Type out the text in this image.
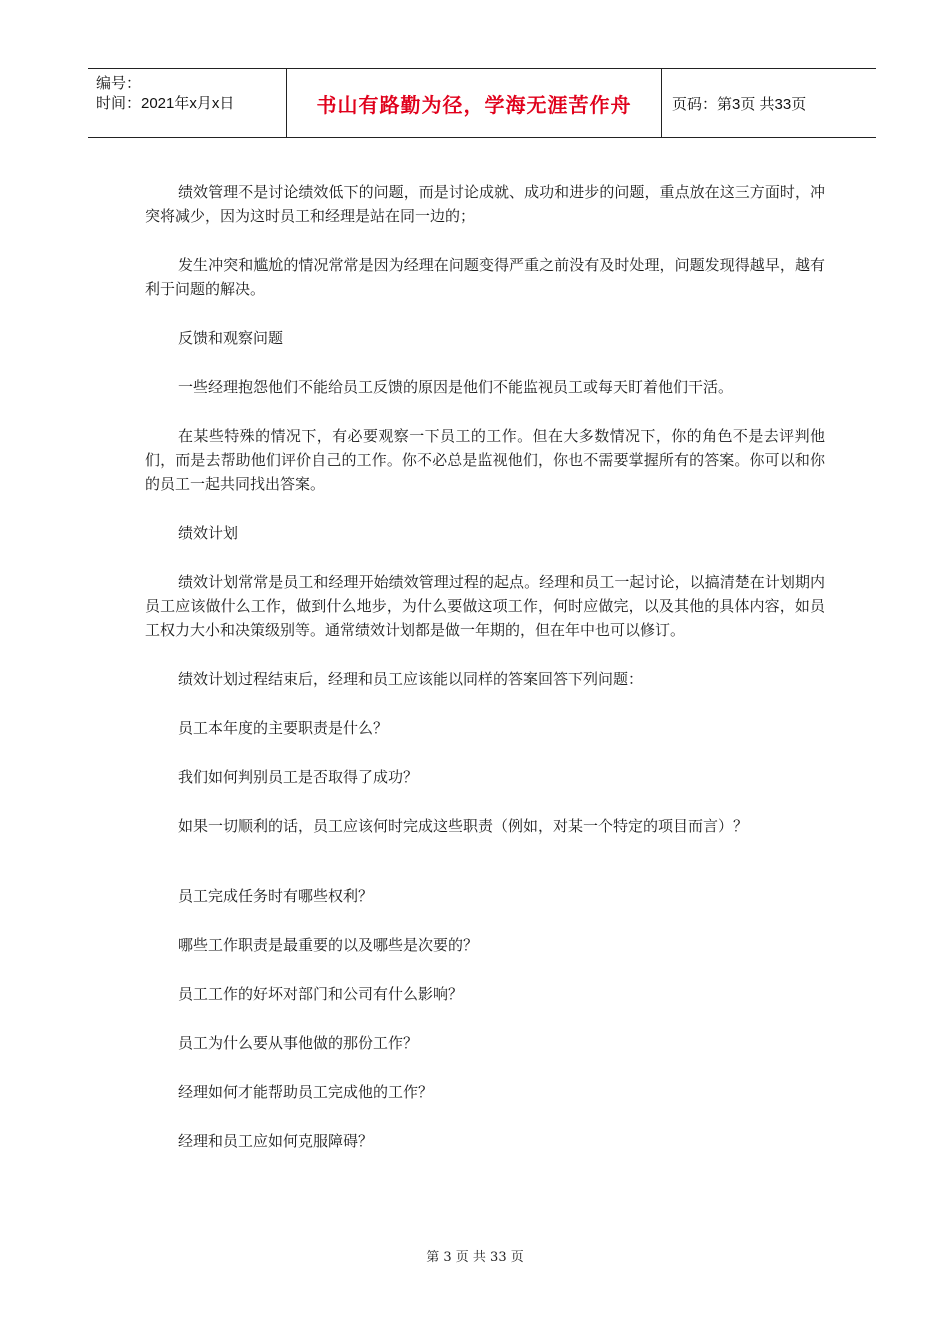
编号：
时间：2021年x月x日	书山有路勤为径，学海无涯苦作舟	页码：第3页 共33页

绩效管理不是讨论绩效低下的问题，而是讨论成就、成功和进步的问题，重点放在这三方面时，冲突将减少，因为这时员工和经理是站在同一边的；

发生冲突和尴尬的情况常常是因为经理在问题变得严重之前没有及时处理，问题发现得越早，越有利于问题的解决。

反馈和观察问题

一些经理抱怨他们不能给员工反馈的原因是他们不能监视员工或每天盯着他们干活。

在某些特殊的情况下，有必要观察一下员工的工作。但在大多数情况下，你的角色不是去评判他们，而是去帮助他们评价自己的工作。你不必总是监视他们，你也不需要掌握所有的答案。你可以和你的员工一起共同找出答案。

绩效计划

绩效计划常常是员工和经理开始绩效管理过程的起点。经理和员工一起讨论，以搞清楚在计划期内员工应该做什么工作，做到什么地步，为什么要做这项工作，何时应做完，以及其他的具体内容，如员工权力大小和决策级别等。通常绩效计划都是做一年期的，但在年中也可以修订。

绩效计划过程结束后，经理和员工应该能以同样的答案回答下列问题：

员工本年度的主要职责是什么？

我们如何判别员工是否取得了成功？

如果一切顺利的话，员工应该何时完成这些职责（例如，对某一个特定的项目而言）？

员工完成任务时有哪些权利？

哪些工作职责是最重要的以及哪些是次要的？

员工工作的好坏对部门和公司有什么影响？

员工为什么要从事他做的那份工作？

经理如何才能帮助员工完成他的工作？

经理和员工应如何克服障碍？

第 3 页 共 33 页
